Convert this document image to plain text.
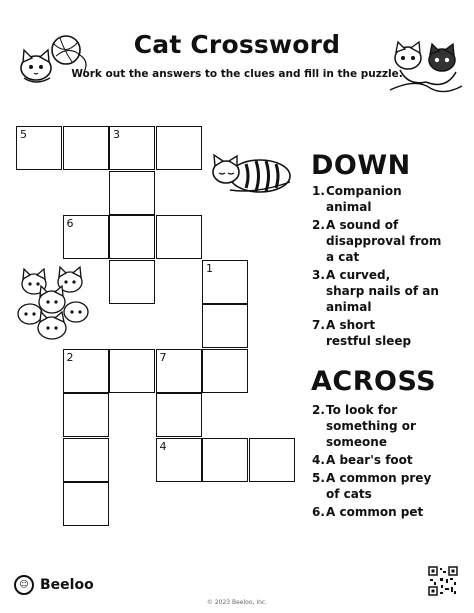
Cat Crossword
Work out the answers to the clues and fill in the puzzle.
5	3
6
1
2	7
4
DOWN
1.Companion
animal
2.A sound of
disapproval from
a cat
3.A curved,
sharp nails of an
animal
7.A short
restful sleep
ACROSS
2.To look for
something or
someone
4.A bear's foot
5.A common prey
of cats
6.A common pet
☺ Beeloo
© 2023 Beeloo, Inc.
